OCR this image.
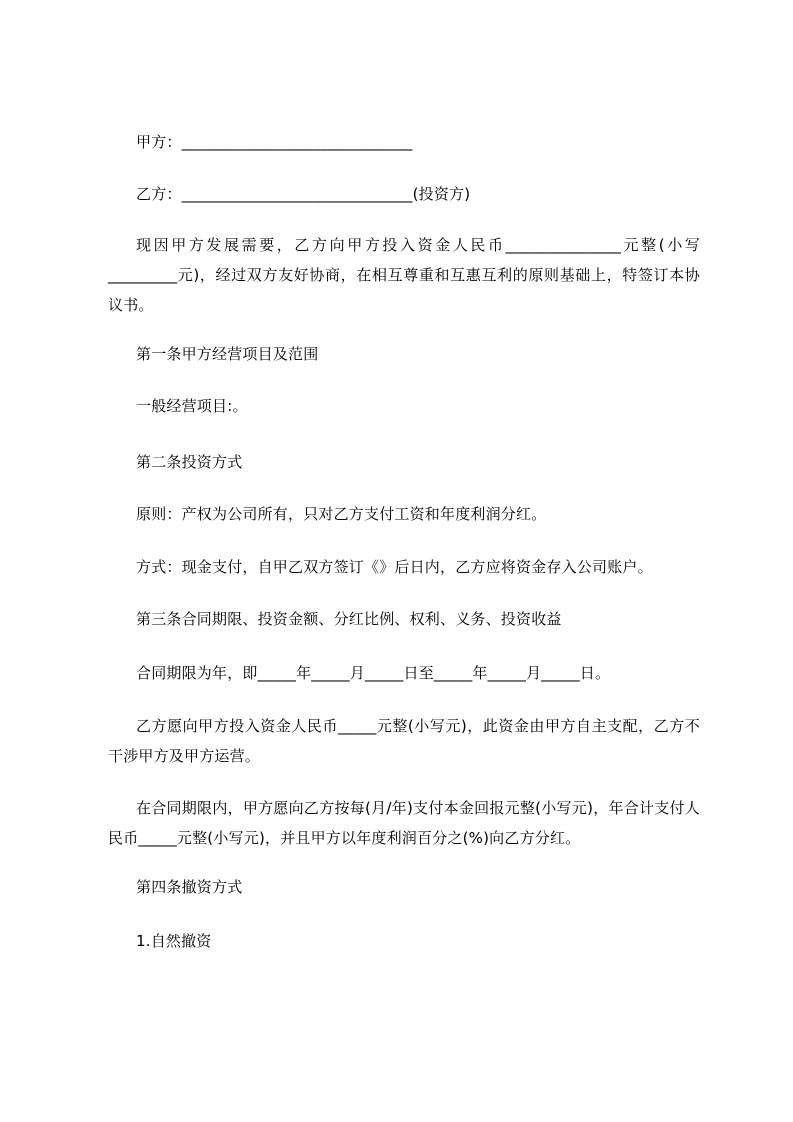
甲方：______________________________
乙方：______________________________(投资方)
现因甲方发展需要，乙方向甲方投入资金人民币_______________元整(小写_________元)，经过双方友好协商，在相互尊重和互惠互利的原则基础上，特签订本协议书。
第一条甲方经营项目及范围
一般经营项目:。
第二条投资方式
原则：产权为公司所有，只对乙方支付工资和年度利润分红。
方式：现金支付，自甲乙双方签订《》后日内，乙方应将资金存入公司账户。
第三条合同期限、投资金额、分红比例、权利、义务、投资收益
合同期限为年，即_____年_____月_____日至_____年_____月_____日。
乙方愿向甲方投入资金人民币_____元整(小写元)，此资金由甲方自主支配，乙方不干涉甲方及甲方运营。
在合同期限内，甲方愿向乙方按每(月/年)支付本金回报元整(小写元)，年合计支付人民币_____元整(小写元)，并且甲方以年度利润百分之(%)向乙方分红。
第四条撤资方式
1.自然撤资
